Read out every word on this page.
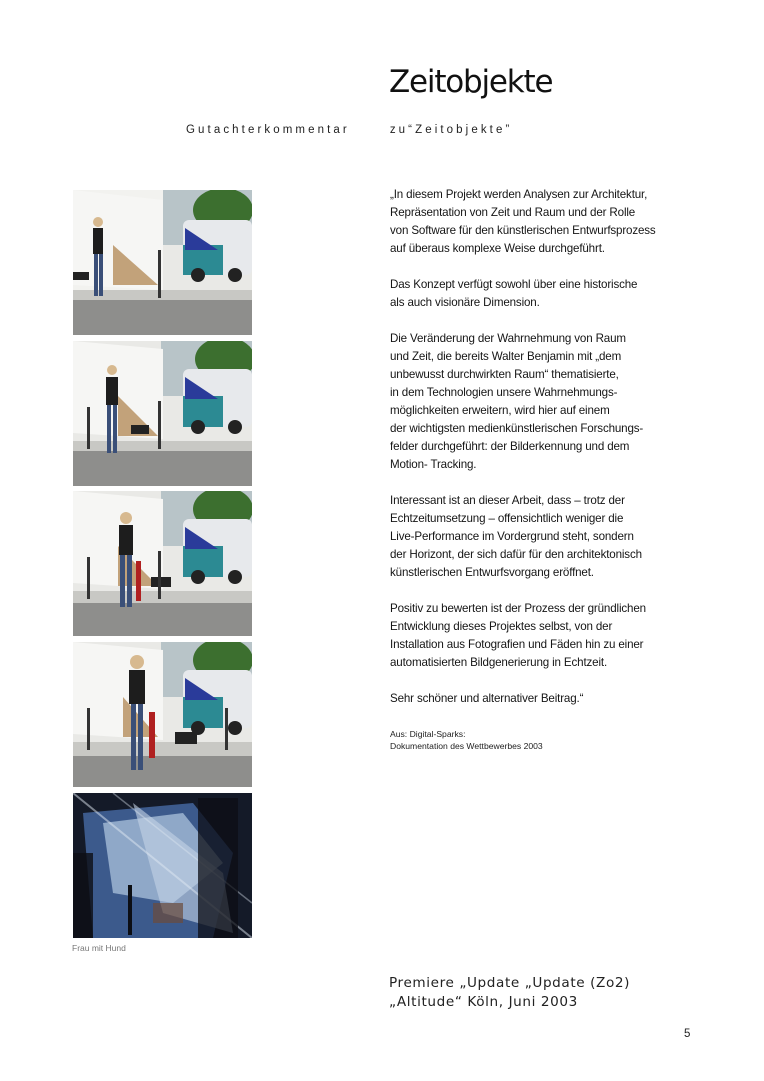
Zeitobjekte
Gutachterkommentar	zu“Zeitobjekte”
Frau mit Hund

„In diesem Projekt werden Analysen zur Architektur,
Repräsentation von Zeit und Raum und der Rolle
von Software für den künstlerischen Entwurfsprozess
auf überaus komplexe Weise durchgeführt.

Das Konzept verfügt sowohl über eine historische
als auch visionäre Dimension.

Die Veränderung der Wahrnehmung von Raum
und Zeit, die bereits Walter Benjamin mit „dem
unbewusst durchwirkten Raum“ thematisierte,
in dem Technologien unsere Wahrnehmungs-
möglichkeiten erweitern, wird hier auf einem
der wichtigsten medienkünstlerischen Forschungs-
felder durchgeführt: der Bilderkennung und dem
Motion- Tracking.

Interessant ist an dieser Arbeit, dass – trotz der
Echtzeitumsetzung – offensichtlich weniger die
Live-Performance im Vordergrund steht, sondern
der Horizont, der sich dafür für den architektonisch
künstlerischen Entwurfsvorgang eröffnet.

Positiv zu bewerten ist der Prozess der gründlichen
Entwicklung dieses Projektes selbst, von der
Installation aus Fotografien und Fäden hin zu einer
automatisierten Bildgenerierung in Echtzeit.

Sehr schöner und alternativer Beitrag.“

Aus: Digital-Sparks:
Dokumentation des Wettbewerbes 2003
Premiere „Update „Update (Zo2)
„Altitude“ Köln, Juni 2003
5
